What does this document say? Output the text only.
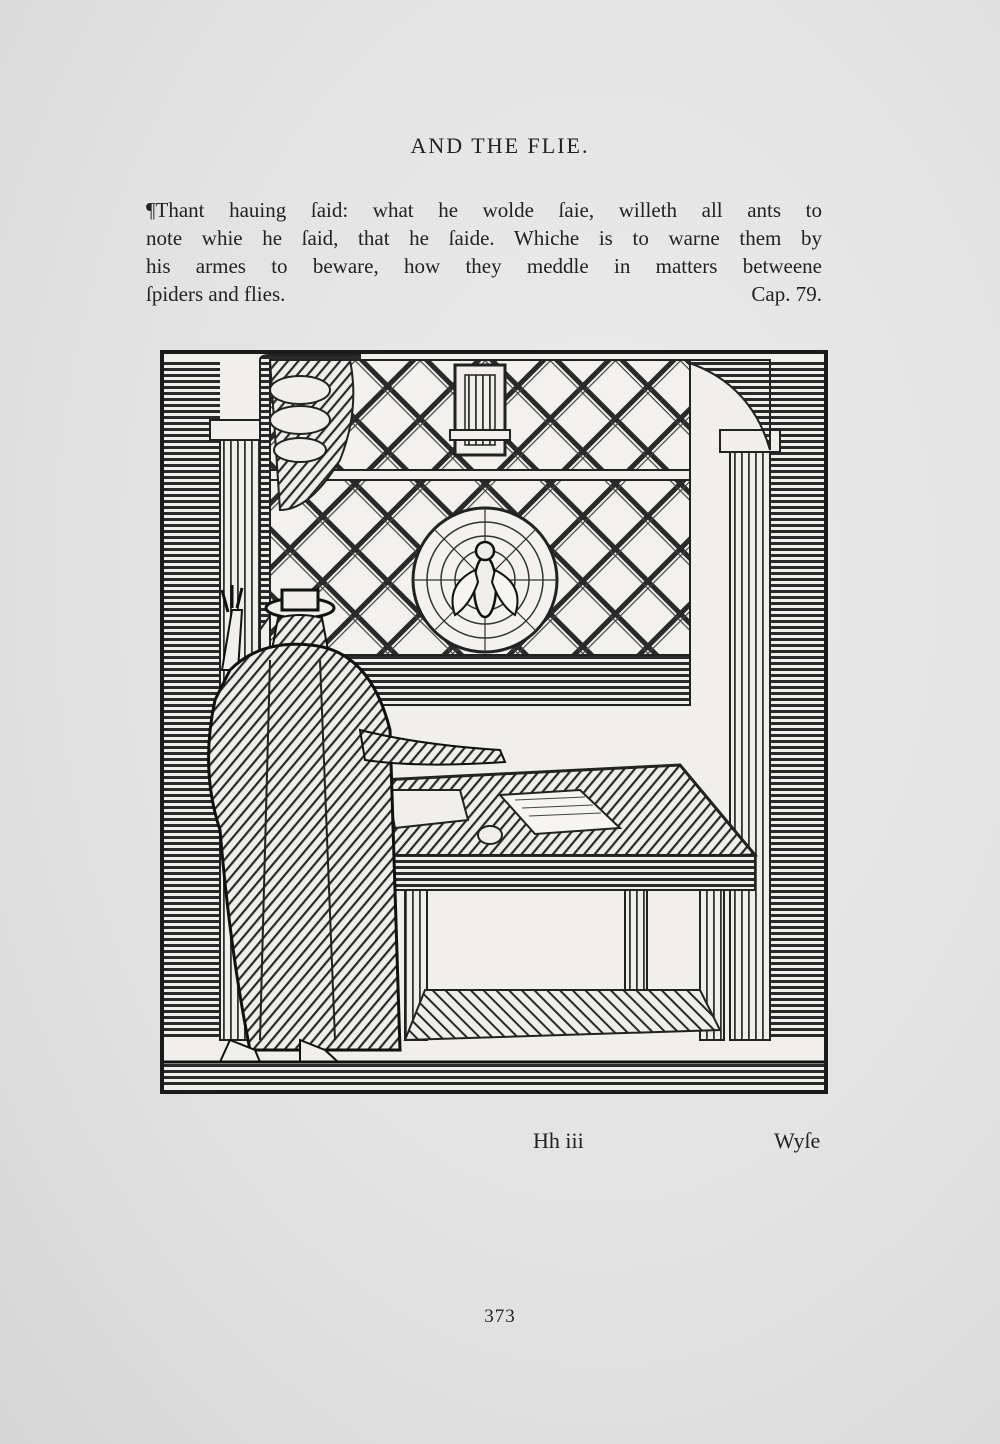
AND THE FLIE.
¶Thant hauing ſaid: what he wolde ſaie, willeth all ants to
note whie he ſaid, that he ſaide. Whiche is to warne them by
his armes to beware, how they meddle in matters betweene
ſpiders and flies.	Cap. 79.
Hh iii	Wyſe
373
